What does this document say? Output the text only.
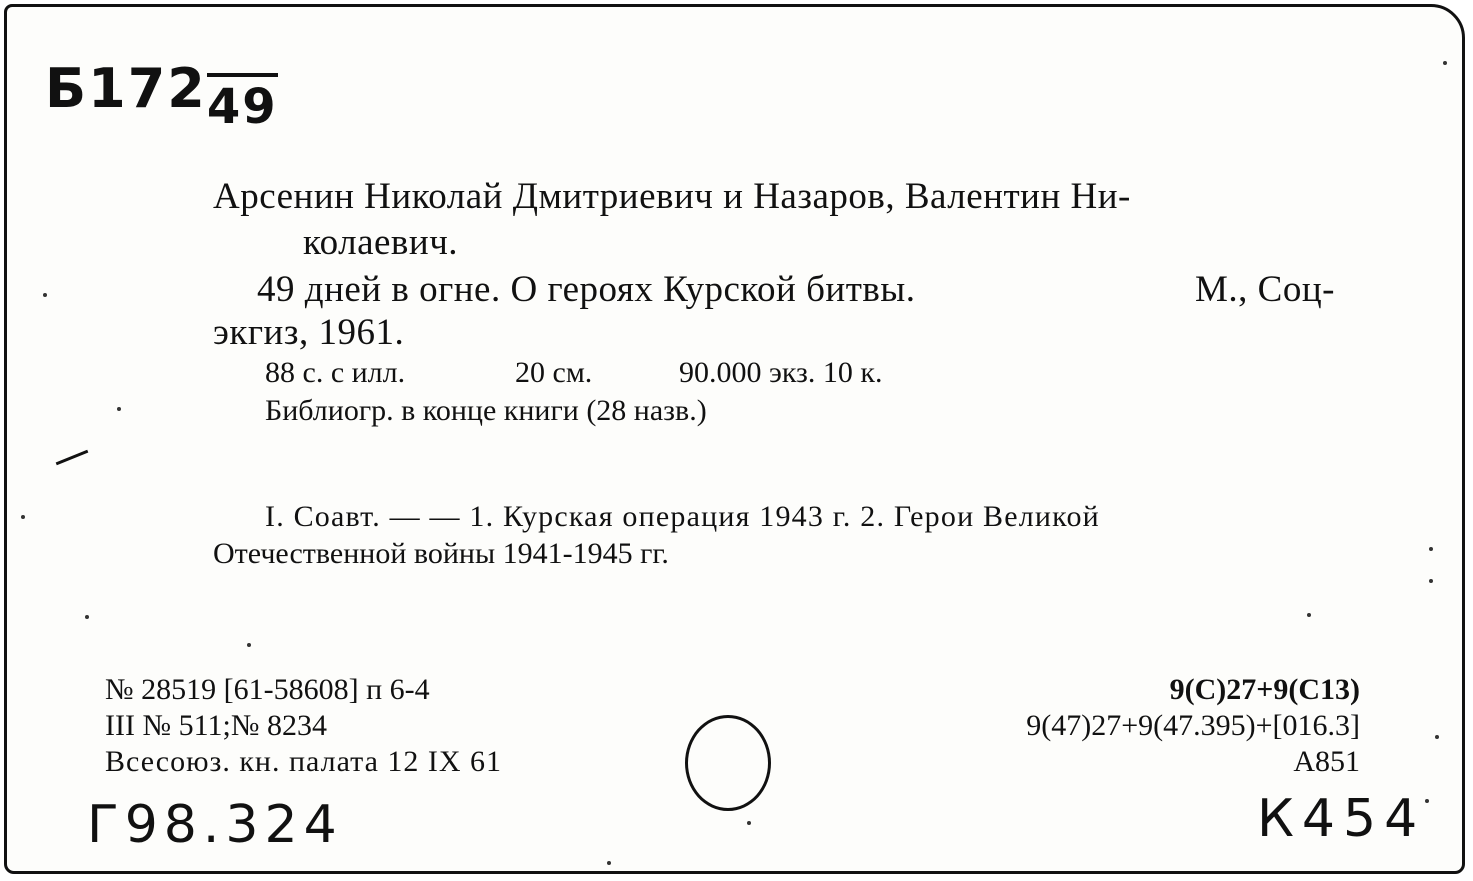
Б17249
Арсенин Николай Дмитриевич и Назаров, Валентин Ни-
колаевич.
49 дней в огне. О героях Курской битвы.	М., Соц-
экгиз, 1961.
88 с. с илл.	20 см.	90.000 экз. 10 к.
Библиогр. в конце книги (28 назв.)
I. Соавт. — — 1. Курская операция 1943 г. 2. Герои Великой
Отечественной войны 1941-1945 гг.
№ 28519 [61-58608] п 6-4
III № 511;№ 8234
Всесоюз. кн. палата 12 IX 61
9(С)27+9(С13)
9(47)27+9(47.395)+[016.3]
А851
Г98.324	К454
